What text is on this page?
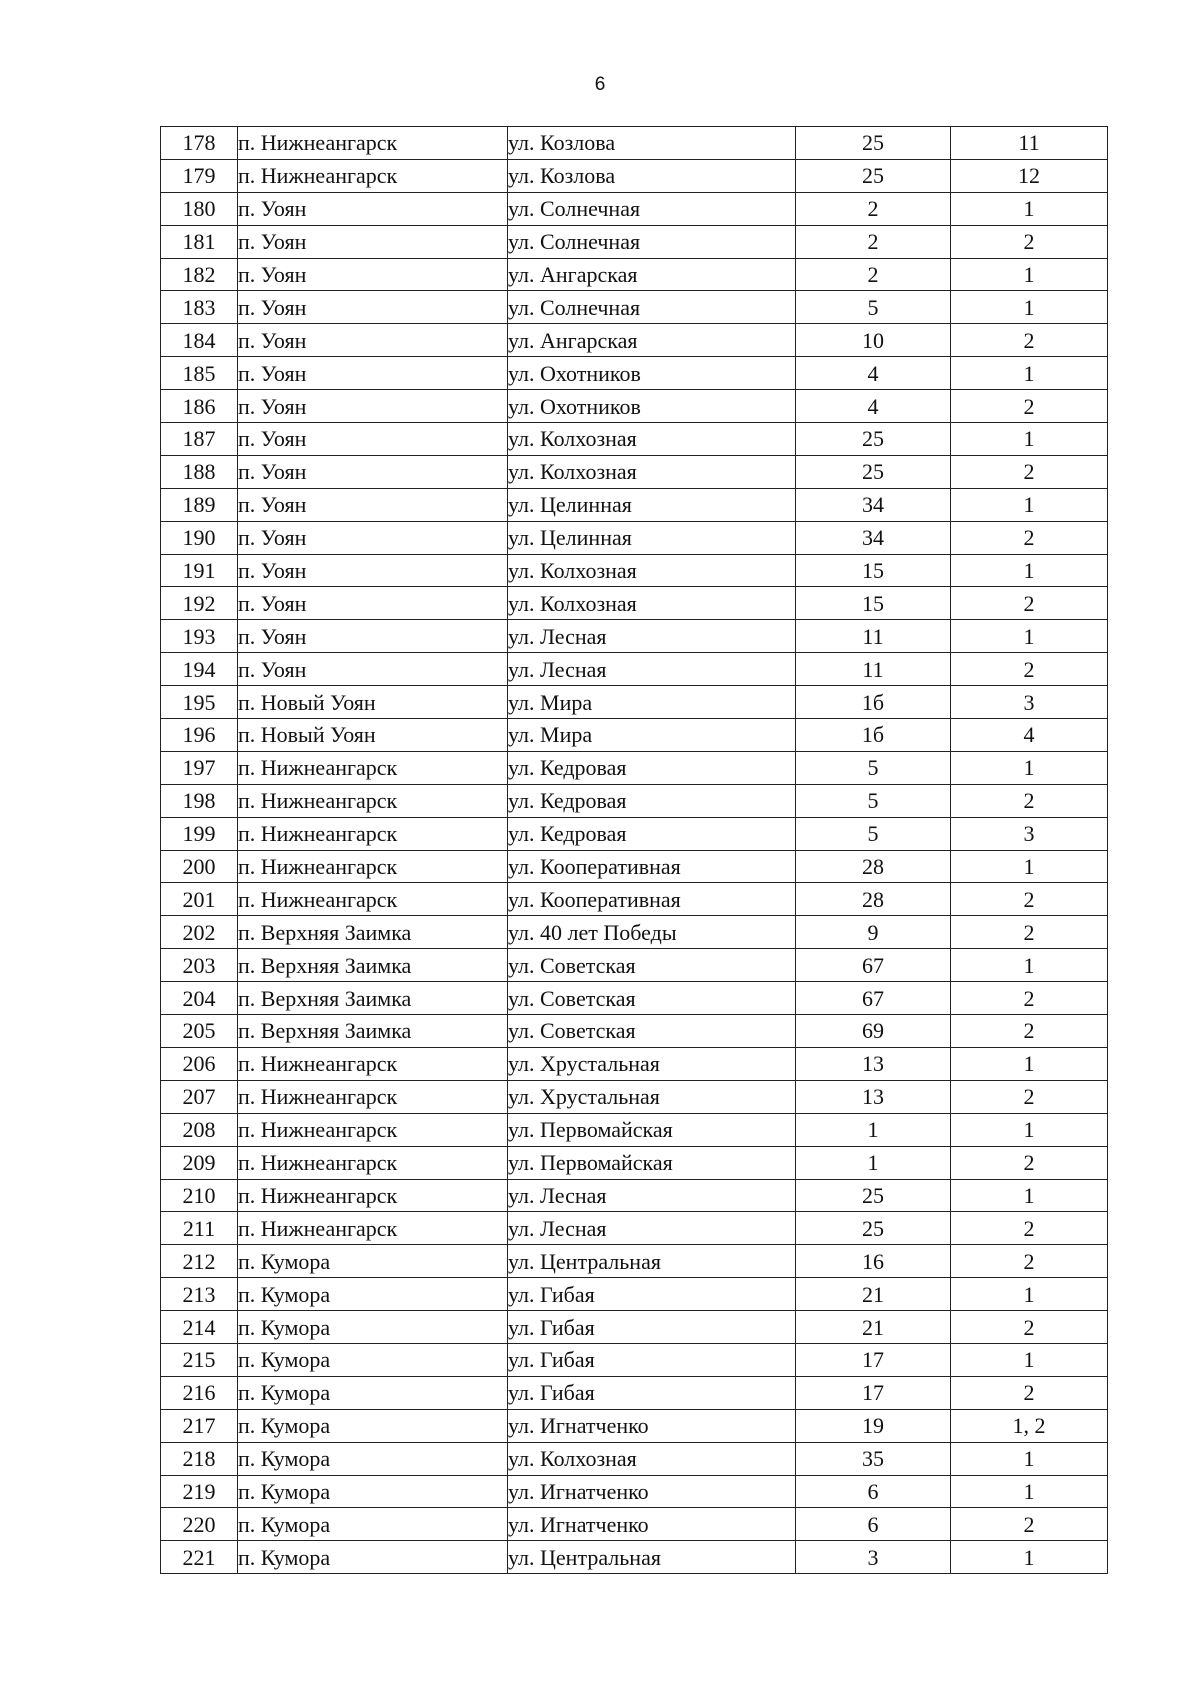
6
178	п. Нижнеангарск	ул. Козлова	25	11
179	п. Нижнеангарск	ул. Козлова	25	12
180	п. Уоян	ул. Солнечная	2	1
181	п. Уоян	ул. Солнечная	2	2
182	п. Уоян	ул. Ангарская	2	1
183	п. Уоян	ул. Солнечная	5	1
184	п. Уоян	ул. Ангарская	10	2
185	п. Уоян	ул. Охотников	4	1
186	п. Уоян	ул. Охотников	4	2
187	п. Уоян	ул. Колхозная	25	1
188	п. Уоян	ул. Колхозная	25	2
189	п. Уоян	ул. Целинная	34	1
190	п. Уоян	ул. Целинная	34	2
191	п. Уоян	ул. Колхозная	15	1
192	п. Уоян	ул. Колхозная	15	2
193	п. Уоян	ул. Лесная	11	1
194	п. Уоян	ул. Лесная	11	2
195	п. Новый Уоян	ул. Мира	1б	3
196	п. Новый Уоян	ул. Мира	1б	4
197	п. Нижнеангарск	ул. Кедровая	5	1
198	п. Нижнеангарск	ул. Кедровая	5	2
199	п. Нижнеангарск	ул. Кедровая	5	3
200	п. Нижнеангарск	ул. Кооперативная	28	1
201	п. Нижнеангарск	ул. Кооперативная	28	2
202	п. Верхняя Заимка	ул. 40 лет Победы	9	2
203	п. Верхняя Заимка	ул. Советская	67	1
204	п. Верхняя Заимка	ул. Советская	67	2
205	п. Верхняя Заимка	ул. Советская	69	2
206	п. Нижнеангарск	ул. Хрустальная	13	1
207	п. Нижнеангарск	ул. Хрустальная	13	2
208	п. Нижнеангарск	ул. Первомайская	1	1
209	п. Нижнеангарск	ул. Первомайская	1	2
210	п. Нижнеангарск	ул. Лесная	25	1
211	п. Нижнеангарск	ул. Лесная	25	2
212	п. Кумора	ул. Центральная	16	2
213	п. Кумора	ул. Гибая	21	1
214	п. Кумора	ул. Гибая	21	2
215	п. Кумора	ул. Гибая	17	1
216	п. Кумора	ул. Гибая	17	2
217	п. Кумора	ул. Игнатченко	19	1, 2
218	п. Кумора	ул. Колхозная	35	1
219	п. Кумора	ул. Игнатченко	6	1
220	п. Кумора	ул. Игнатченко	6	2
221	п. Кумора	ул. Центральная	3	1
